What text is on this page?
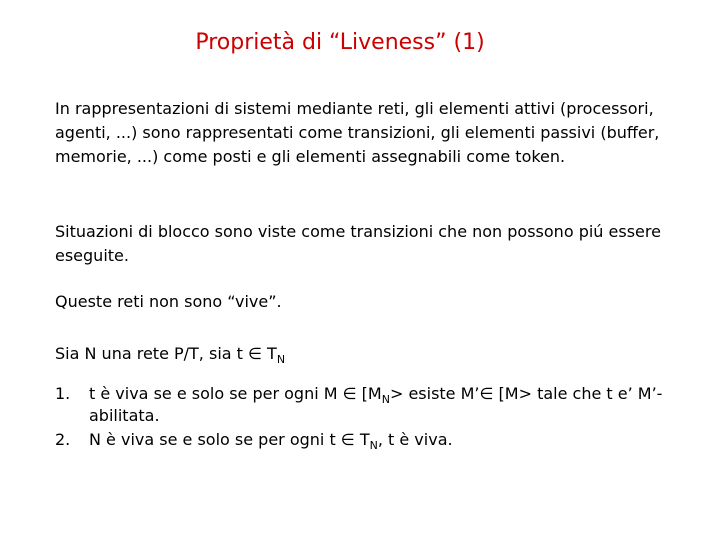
Proprietà di “Liveness” (1)

In rappresentazioni di sistemi mediante reti, gli elementi attivi (processori, agenti, ...) sono rappresentati come transizioni, gli elementi passivi (buffer, memorie, ...) come posti e gli elementi assegnabili come token.

Situazioni di blocco sono viste come transizioni che non possono piú essere eseguite.

Queste reti non sono “vive”.

Sia N una rete P/T, sia t ∈ $T_N$

1.	t è viva se e solo se per ogni M ∈ [$M_N>$ esiste M’∈ [M> tale che t e’ M’-abilitata.
2.	N è viva se e solo se per ogni t ∈ $T_N$, t è viva.
